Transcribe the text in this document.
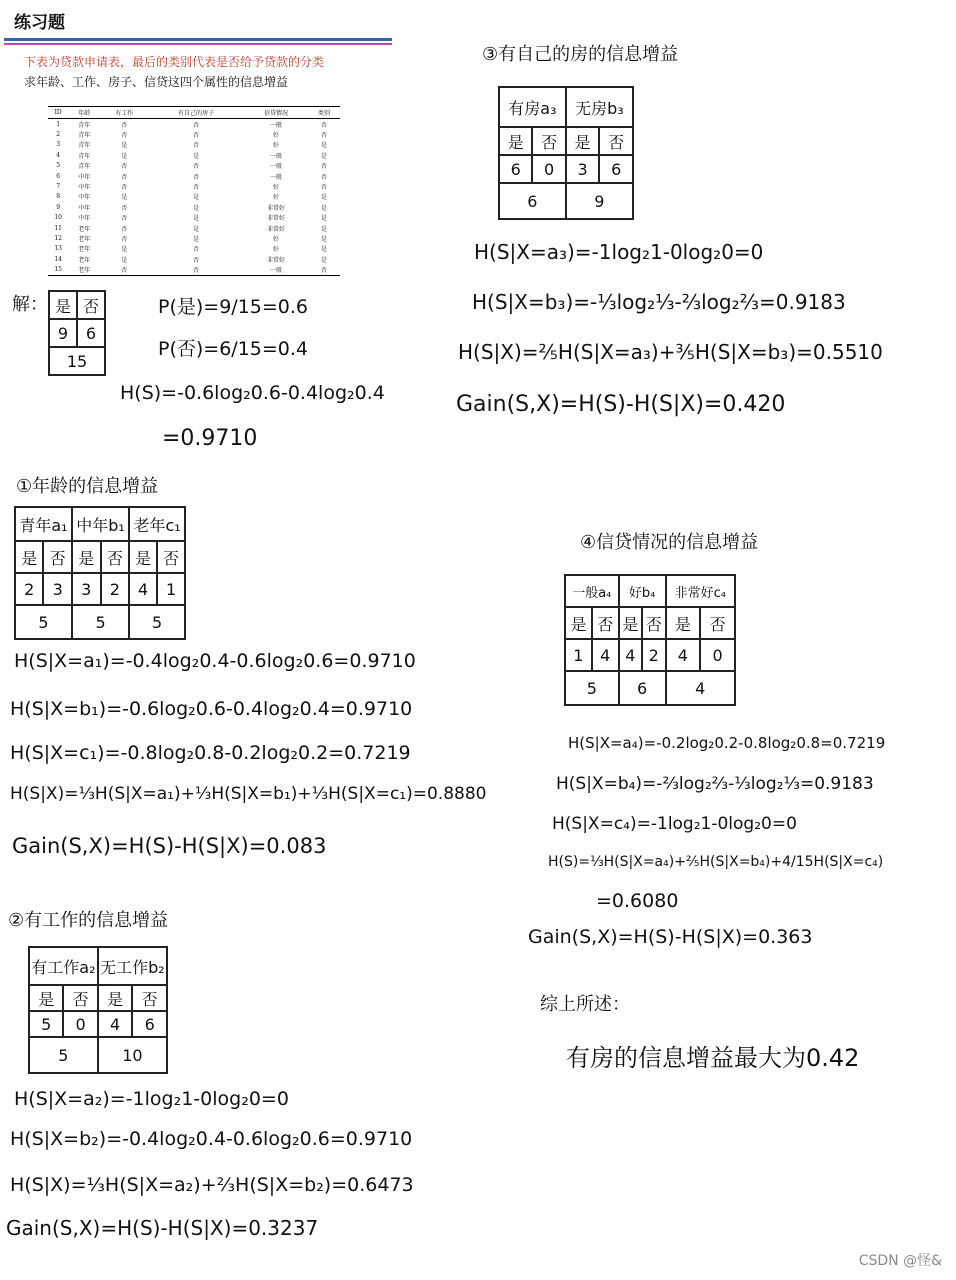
练习题
下表为贷款申请表，最后的类别代表是否给予贷款的分类
求年龄、工作、房子、信贷这四个属性的信息增益
ID	年龄	有工作	有自己的房子	信贷情况	类别
1	青年	否	否	一般	否
2	青年	否	否	好	否
3	青年	是	否	好	是
4	青年	是	是	一般	是
5	青年	否	否	一般	否
6	中年	否	否	一般	否
7	中年	否	否	好	否
8	中年	是	是	好	是
9	中年	否	是	非常好	是
10	中年	否	是	非常好	是
11	老年	否	是	非常好	是
12	老年	否	是	好	是
13	老年	是	否	好	是
14	老年	是	否	非常好	是
15	老年	否	否	一般	否
解： 是	否
9	6
15	
P(是)=9/15=0.6
P(否)=6/15=0.4
H(S)=-0.6log₂0.6-0.4log₂0.4
=0.9710
①年龄的信息增益
青年a₁		中年b₁		老年c₁	
是	否	是	否	是	否
2	3	3	2	4	1
5		5		5	
H(S|X=a₁)=-0.4log₂0.4-0.6log₂0.6=0.9710
H(S|X=b₁)=-0.6log₂0.6-0.4log₂0.4=0.9710
H(S|X=c₁)=-0.8log₂0.8-0.2log₂0.2=0.7219
H(S|X)=⅓H(S|X=a₁)+⅓H(S|X=b₁)+⅓H(S|X=c₁)=0.8880
Gain(S,X)=H(S)-H(S|X)=0.083
②有工作的信息增益
有工作a₂		无工作b₂	
是	否	是	否
5	0	4	6
5		10	
H(S|X=a₂)=-1log₂1-0log₂0=0
H(S|X=b₂)=-0.4log₂0.4-0.6log₂0.6=0.9710
H(S|X)=⅓H(S|X=a₂)+⅔H(S|X=b₂)=0.6473
Gain(S,X)=H(S)-H(S|X)=0.3237
③有自己的房的信息增益
有房a₃		无房b₃	
是	否	是	否
6	0	3	6
6		9	
H(S|X=a₃)=-1log₂1-0log₂0=0
H(S|X=b₃)=-⅓log₂⅓-⅔log₂⅔=0.9183
H(S|X)=⅖H(S|X=a₃)+⅗H(S|X=b₃)=0.5510
Gain(S,X)=H(S)-H(S|X)=0.420
④信贷情况的信息增益
一般a₄		好b₄		非常好c₄	
是	否	是	否	是	否
1	4	4	2	4	0
5		6		4	
H(S|X=a₄)=-0.2log₂0.2-0.8log₂0.8=0.7219
H(S|X=b₄)=-⅔log₂⅔-⅓log₂⅓=0.9183
H(S|X=c₄)=-1log₂1-0log₂0=0
H(S)=⅓H(S|X=a₄)+⅖H(S|X=b₄)+4/15H(S|X=c₄)
=0.6080
Gain(S,X)=H(S)-H(S|X)=0.363
综上所述：
有房的信息增益最大为0.42
CSDN @怪&
